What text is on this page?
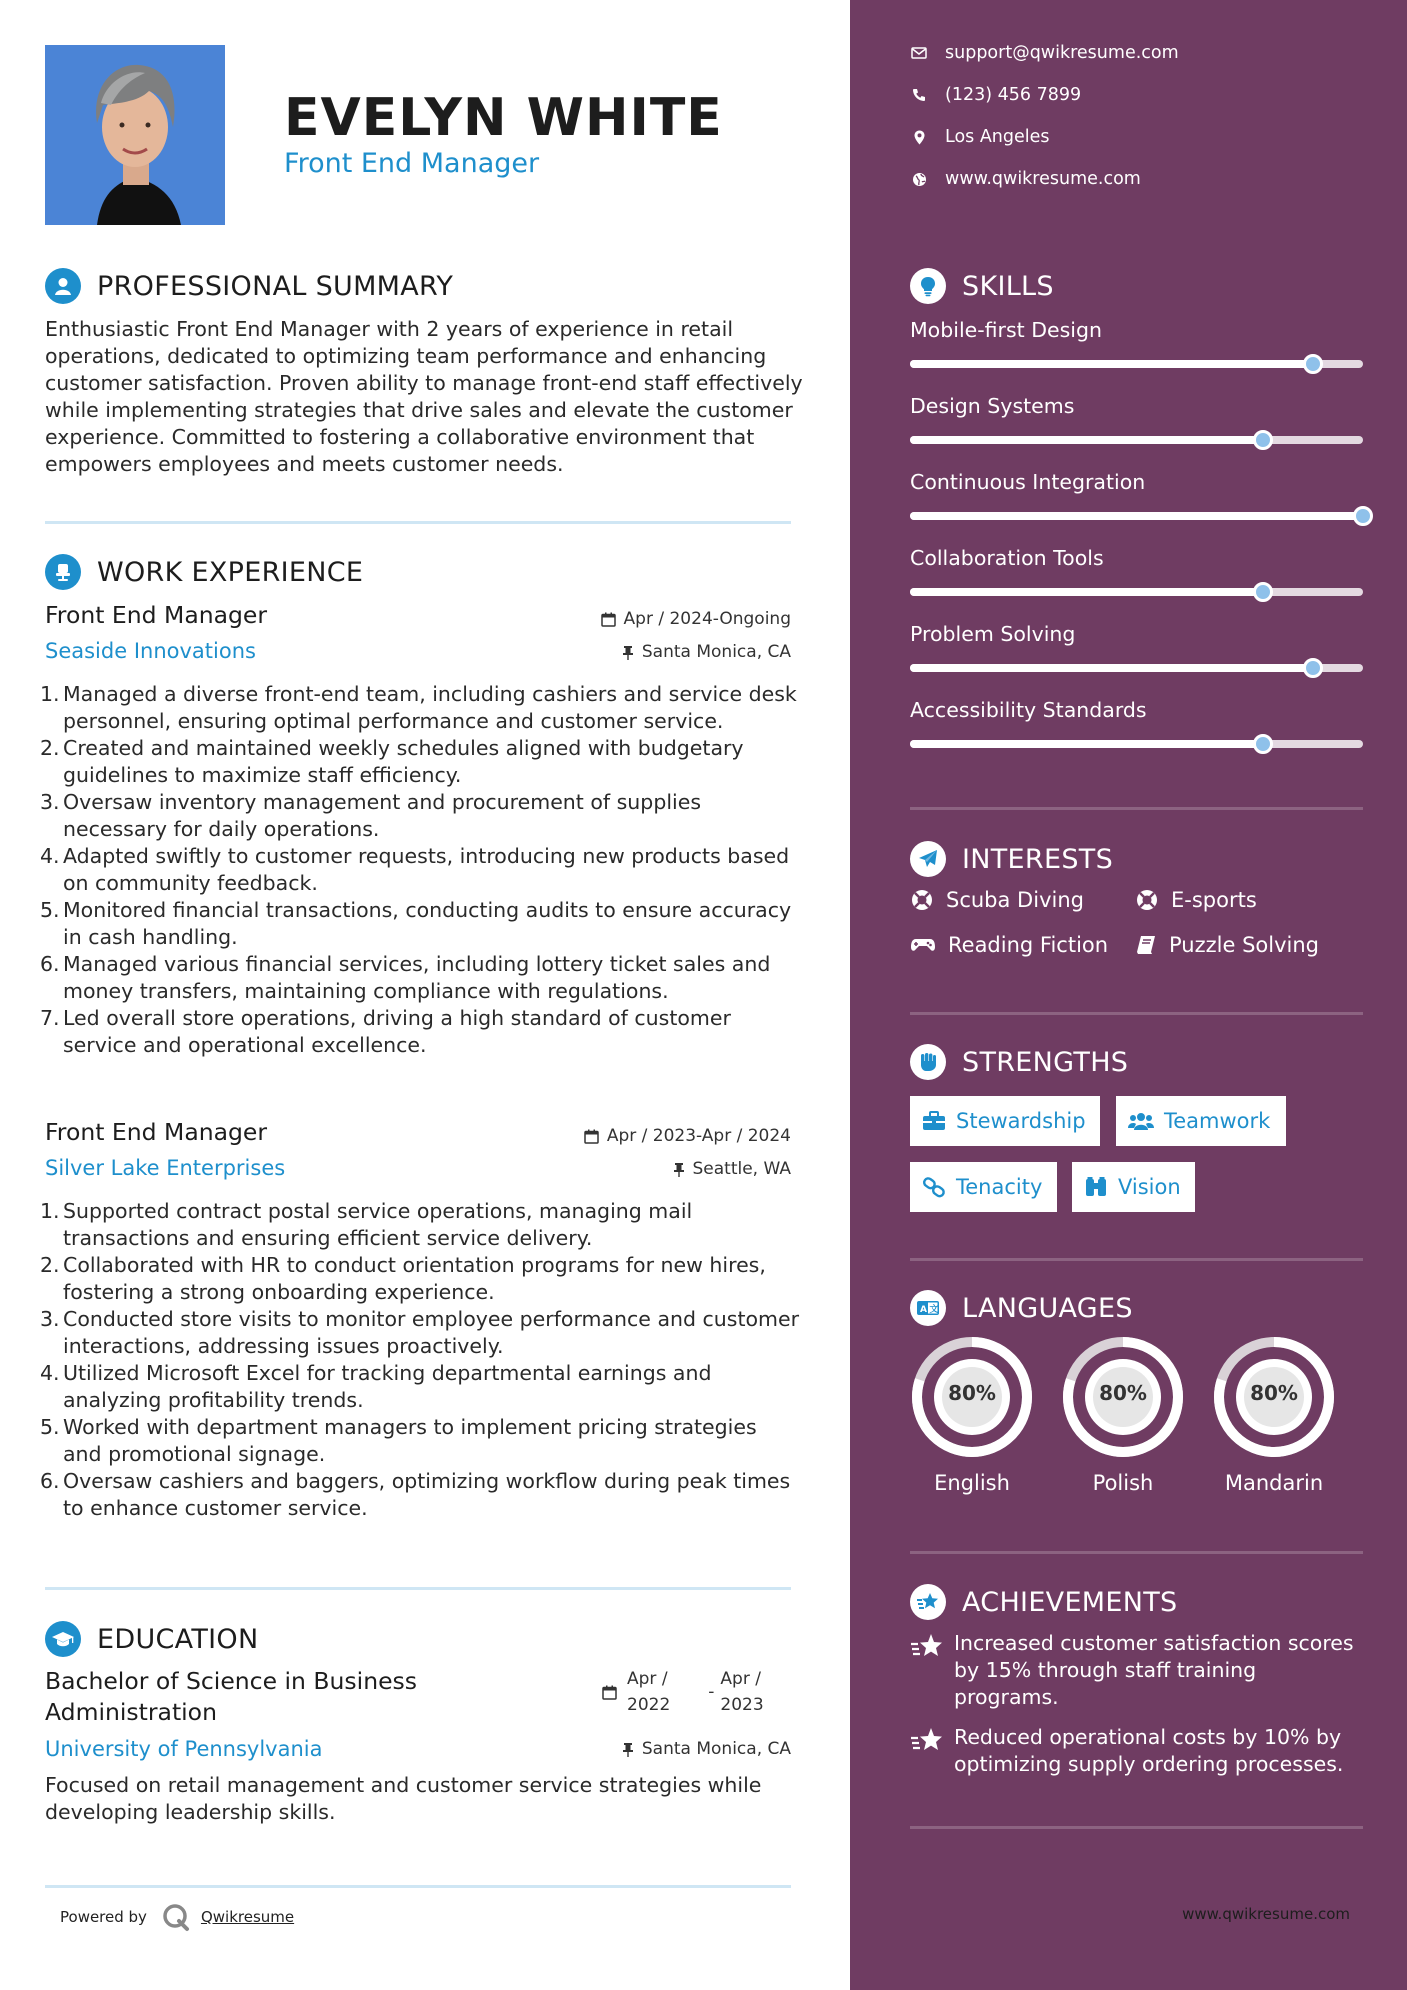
EVELYN WHITE
Front End Manager
PROFESSIONAL SUMMARY
Enthusiastic Front End Manager with 2 years of experience in retail operations, dedicated to optimizing team performance and enhancing customer satisfaction. Proven ability to manage front-end staff effectively while implementing strategies that drive sales and elevate the customer experience. Committed to fostering a collaborative environment that empowers employees and meets customer needs.
WORK EXPERIENCE
Front End Manager
Seaside Innovations
Apr / 2024-Ongoing
Santa Monica, CA
Managed a diverse front-end team, including cashiers and service desk personnel, ensuring optimal performance and customer service.
Created and maintained weekly schedules aligned with budgetary guidelines to maximize staff efficiency.
Oversaw inventory management and procurement of supplies necessary for daily operations.
Adapted swiftly to customer requests, introducing new products based on community feedback.
Monitored financial transactions, conducting audits to ensure accuracy in cash handling.
Managed various financial services, including lottery ticket sales and money transfers, maintaining compliance with regulations.
Led overall store operations, driving a high standard of customer service and operational excellence.
Front End Manager
Silver Lake Enterprises
Apr / 2023-Apr / 2024
Seattle, WA
Supported contract postal service operations, managing mail transactions and ensuring efficient service delivery.
Collaborated with HR to conduct orientation programs for new hires, fostering a strong onboarding experience.
Conducted store visits to monitor employee performance and customer interactions, addressing issues proactively.
Utilized Microsoft Excel for tracking departmental earnings and analyzing profitability trends.
Worked with department managers to implement pricing strategies and promotional signage.
Oversaw cashiers and baggers, optimizing workflow during peak times to enhance customer service.
EDUCATION
Bachelor of Science in Business
Administration
University of Pennsylvania
Apr /
2022
-
Apr /
2023
Santa Monica, CA
Focused on retail management and customer service strategies while developing leadership skills.
Powered by	Qwikresume
support@qwikresume.com
(123) 456 7899
Los Angeles
www.qwikresume.com
SKILLS
Mobile-first Design
Design Systems
Continuous Integration
Collaboration Tools
Problem Solving
Accessibility Standards
INTERESTS
Scuba Diving	E-sports
Reading Fiction	Puzzle Solving
STRENGTHS
Stewardship	Teamwork
Tenacity	Vision
A 文 LANGUAGES
80%
English
80%
Polish
80%
Mandarin
ACHIEVEMENTS
Increased customer satisfaction scores by 15% through staff training programs.
Reduced operational costs by 10% by optimizing supply ordering processes.
www.qwikresume.com
